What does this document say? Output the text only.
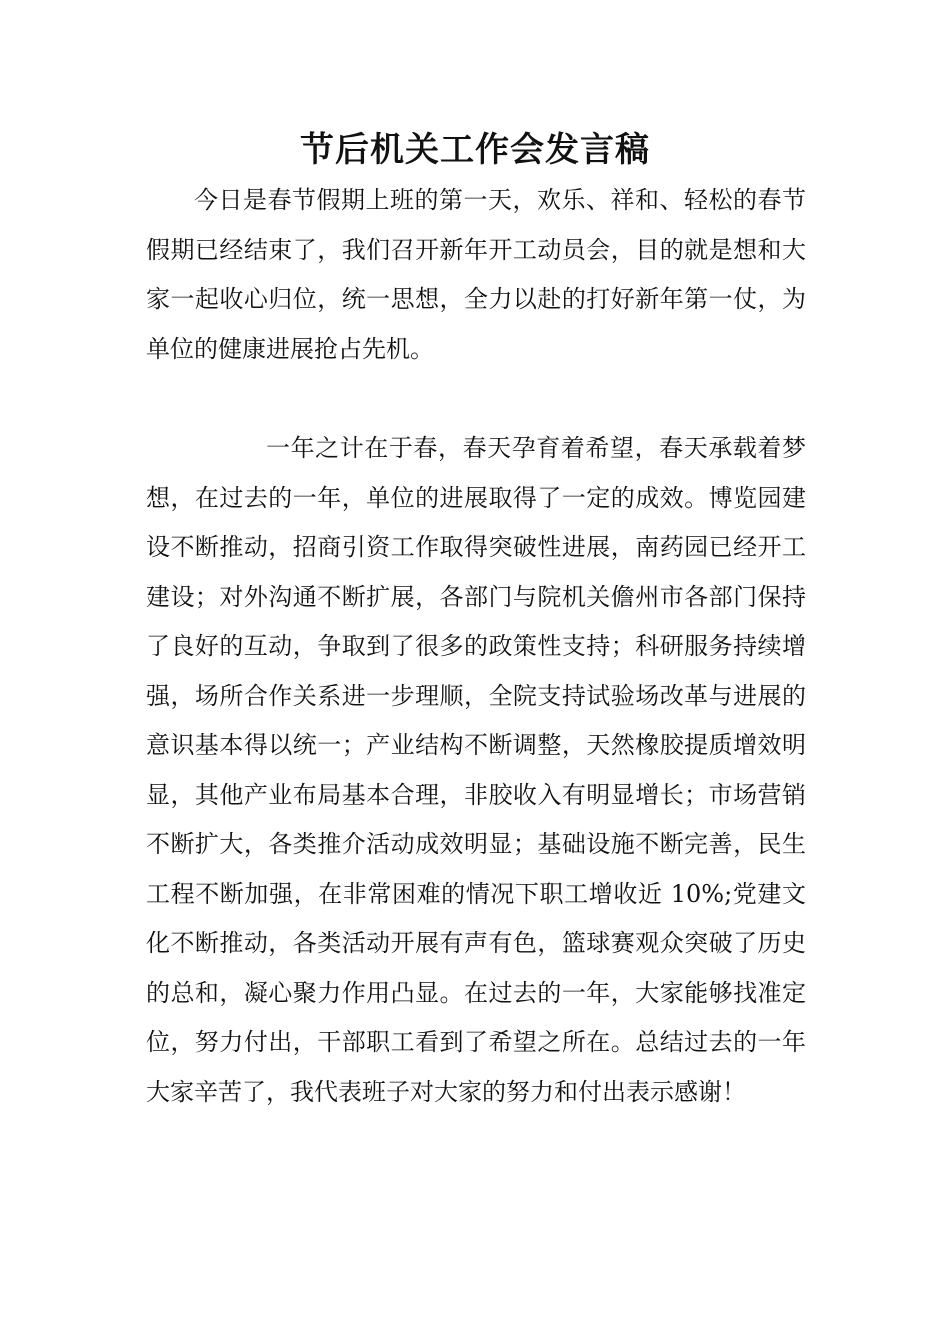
节后机关工作会发言稿

今日是春节假期上班的第一天，欢乐、祥和、轻松的春节假期已经结束了，我们召开新年开工动员会，目的就是想和大家一起收心归位，统一思想，全力以赴的打好新年第一仗，为单位的健康进展抢占先机。

一年之计在于春，春天孕育着希望，春天承载着梦想，在过去的一年，单位的进展取得了一定的成效。博览园建设不断推动，招商引资工作取得突破性进展，南药园已经开工建设；对外沟通不断扩展，各部门与院机关儋州市各部门保持了良好的互动，争取到了很多的政策性支持；科研服务持续增强，场所合作关系进一步理顺，全院支持试验场改革与进展的意识基本得以统一；产业结构不断调整，天然橡胶提质增效明显，其他产业布局基本合理，非胶收入有明显增长；市场营销不断扩大，各类推介活动成效明显；基础设施不断完善，民生工程不断加强，在非常困难的情况下职工增收近 10%;党建文化不断推动，各类活动开展有声有色，篮球赛观众突破了历史的总和，凝心聚力作用凸显。在过去的一年，大家能够找准定位，努力付出，干部职工看到了希望之所在。总结过去的一年大家辛苦了，我代表班子对大家的努力和付出表示感谢！
